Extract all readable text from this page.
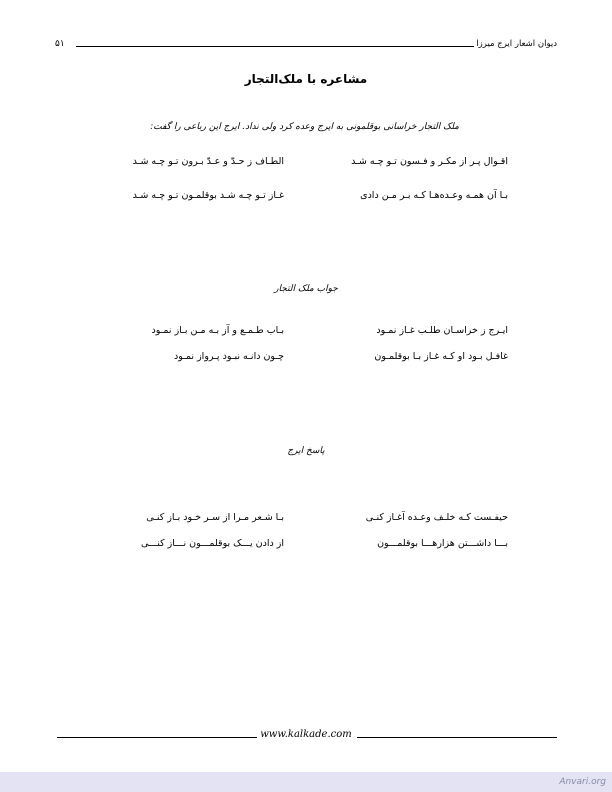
دیوان اشعار ایرج میرزا
۵۱
مشاعره با ملک‌التجار
ملک التجار خراسانی بوقلمونی به ایرج وعده کرد ولی نداد. ایرج این رباعی را گفت:
اقـوال پـر از مکـر و فـسون تـو چـه شـد
الطـاف ز حـدّ و عـدّ بـرون تـو چـه شـد
بـا آن همـه وعـده‌هـا کـه بـر مـن دادی
غـاز تـو چـه شـد بوقلمـون تـو چـه شـد
جواب ملک التجار
ایـرج ز خراسـان طلـب غـاز نمـود
بـاب طـمـع و آز بـه مـن بـاز نمـود
غافـل بـود او کـه غـاز بـا بوقلمـون
چـون دانـه نبـود پـرواز نمـود
پاسخ ایرج
حیفـست کـه خلـف وعـده آغـاز کنـی
بـا شـعر مـرا از سـر خـود بـاز کنـی
بـــا داشـــتن هزارهـــا بوقلمـــون
از دادن یـــک بوقلمـــون نـــاز کنـــی
www.kalkade.com
Anvari.org
